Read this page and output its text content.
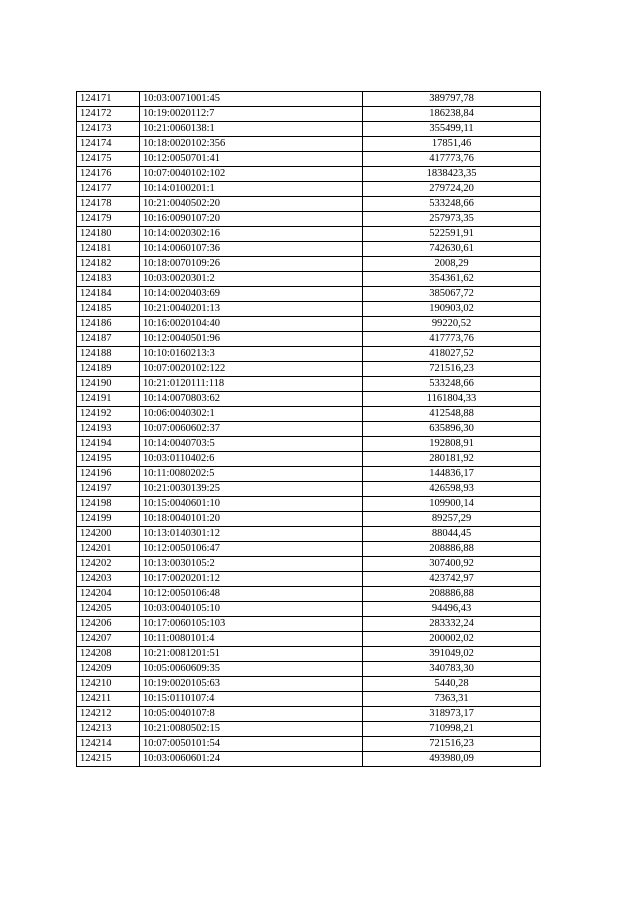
124171	10:03:0071001:45	389797,78
124172	10:19:0020112:7	186238,84
124173	10:21:0060138:1	355499,11
124174	10:18:0020102:356	17851,46
124175	10:12:0050701:41	417773,76
124176	10:07:0040102:102	1838423,35
124177	10:14:0100201:1	279724,20
124178	10:21:0040502:20	533248,66
124179	10:16:0090107:20	257973,35
124180	10:14:0020302:16	522591,91
124181	10:14:0060107:36	742630,61
124182	10:18:0070109:26	2008,29
124183	10:03:0020301:2	354361,62
124184	10:14:0020403:69	385067,72
124185	10:21:0040201:13	190903,02
124186	10:16:0020104:40	99220,52
124187	10:12:0040501:96	417773,76
124188	10:10:0160213:3	418027,52
124189	10:07:0020102:122	721516,23
124190	10:21:0120111:118	533248,66
124191	10:14:0070803:62	1161804,33
124192	10:06:0040302:1	412548,88
124193	10:07:0060602:37	635896,30
124194	10:14:0040703:5	192808,91
124195	10:03:0110402:6	280181,92
124196	10:11:0080202:5	144836,17
124197	10:21:0030139:25	426598,93
124198	10:15:0040601:10	109900,14
124199	10:18:0040101:20	89257,29
124200	10:13:0140301:12	88044,45
124201	10:12:0050106:47	208886,88
124202	10:13:0030105:2	307400,92
124203	10:17:0020201:12	423742,97
124204	10:12:0050106:48	208886,88
124205	10:03:0040105:10	94496,43
124206	10:17:0060105:103	283332,24
124207	10:11:0080101:4	200002,02
124208	10:21:0081201:51	391049,02
124209	10:05:0060609:35	340783,30
124210	10:19:0020105:63	5440,28
124211	10:15:0110107:4	7363,31
124212	10:05:0040107:8	318973,17
124213	10:21:0080502:15	710998,21
124214	10:07:0050101:54	721516,23
124215	10:03:0060601:24	493980,09
